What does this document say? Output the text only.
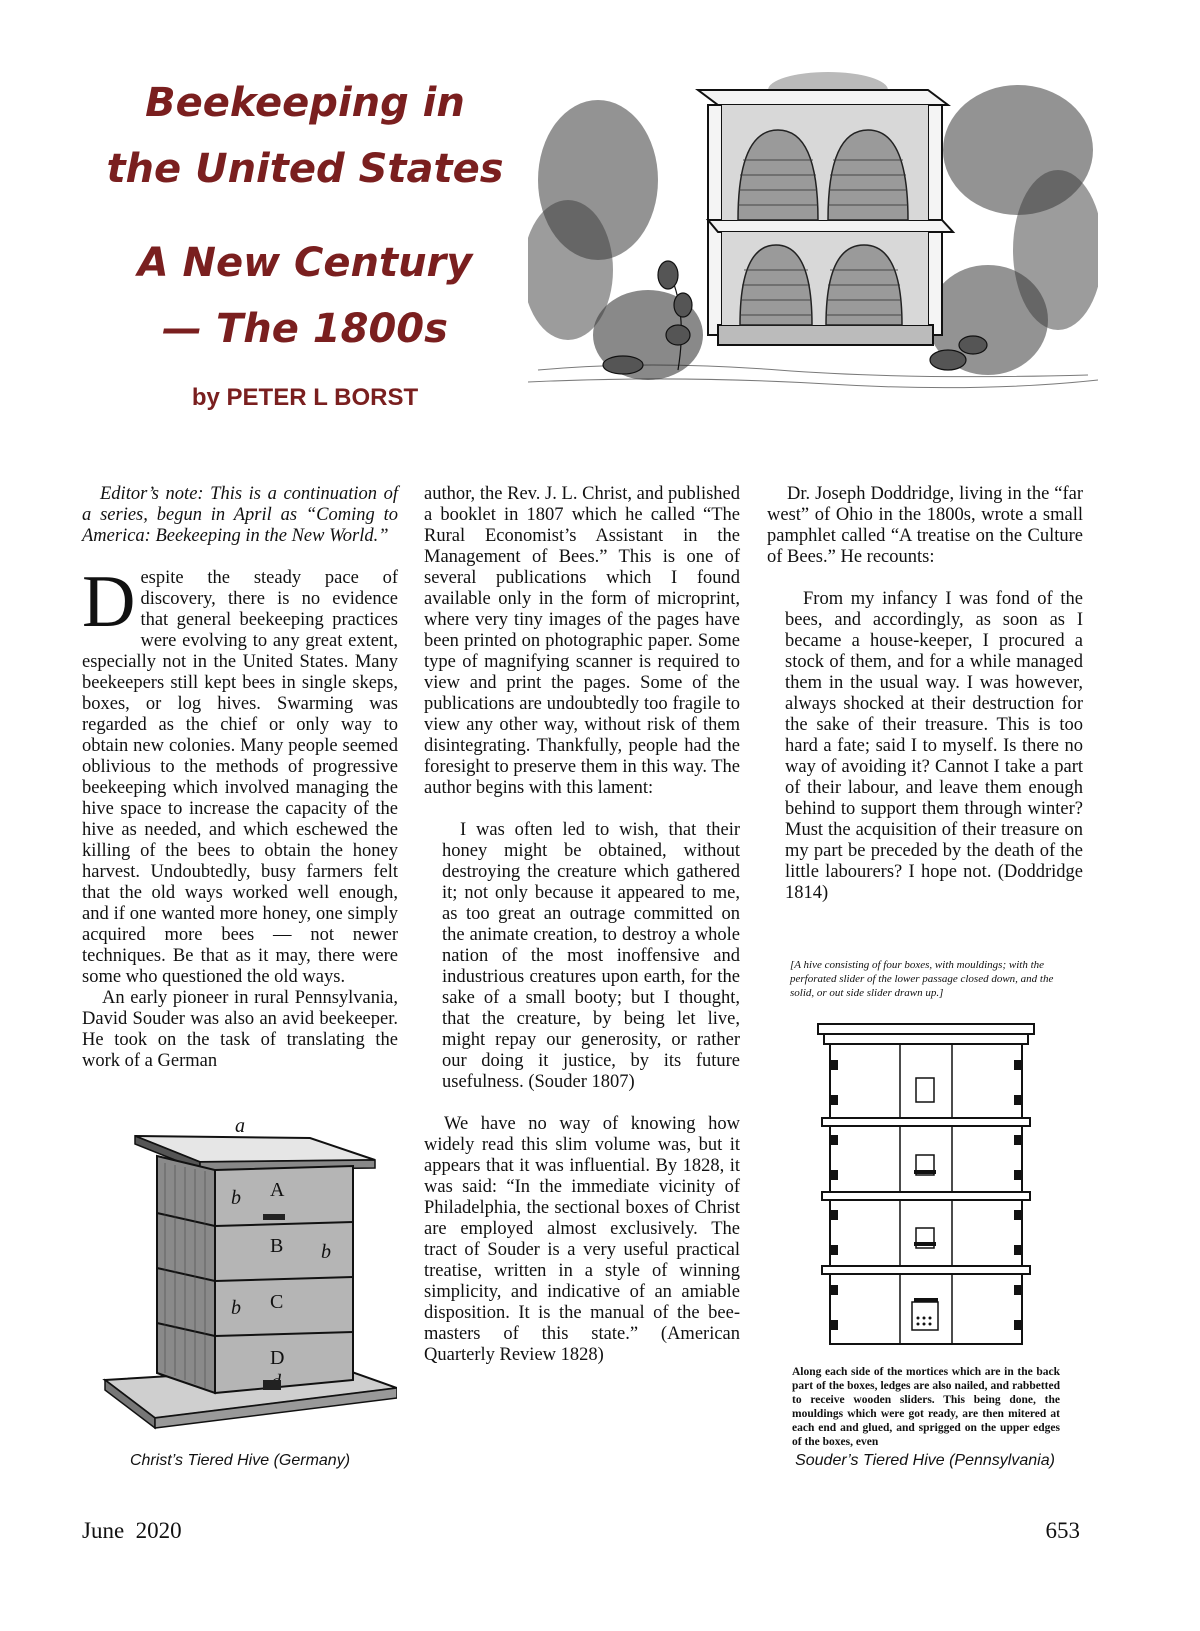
Beekeeping in
the United States
A New Century
— The 1800s
by PETER L BORST

Editor’s note: This is a continuation of a series, begun in April as “Coming to America: Beekeeping in the New World.”

Despite the steady pace of discovery, there is no evidence that general beekeeping practices were evolving to any great extent, especially not in the United States. Many beekeepers still kept bees in single skeps, boxes, or log hives. Swarming was regarded as the chief or only way to obtain new colonies. Many people seemed oblivious to the methods of progressive beekeeping which involved managing the hive space to increase the capacity of the hive as needed, and which eschewed the killing of the bees to obtain the honey harvest. Undoubtedly, busy farmers felt that the old ways worked well enough, and if one wanted more honey, one simply acquired more bees — not newer techniques. Be that as it may, there were some who questioned the old ways.

An early pioneer in rural Pennsylvania, David Souder was also an avid beekeeper. He took on the task of translating the work of a German

a
A
B
C
D
b
b
b
Christ’s Tiered Hive (Germany)

author, the Rev. J. L. Christ, and published a booklet in 1807 which he called “The Rural Economist’s Assistant in the Management of Bees.” This is one of several publications which I found available only in the form of microprint, where very tiny images of the pages have been printed on photographic paper. Some type of magnifying scanner is required to view and print the pages. Some of the publications are undoubtedly too fragile to view any other way, without risk of them disintegrating. Thankfully, people had the foresight to preserve them in this way. The author begins with this lament:

I was often led to wish, that their honey might be obtained, without destroying the creature which gathered it; not only because it appeared to me, as too great an outrage committed on the animate creation, to destroy a whole nation of the most inoffensive and industrious creatures upon earth, for the sake of a small booty; but I thought, that the creature, by being let live, might repay our generosity, or rather our doing it justice, by its future usefulness. (Souder 1807)

We have no way of knowing how widely read this slim volume was, but it appears that it was influential. By 1828, it was said: “In the immediate vicinity of Philadelphia, the sectional boxes of Christ are employed almost exclusively. The tract of Souder is a very useful practical treatise, written in a style of winning simplicity, and indicative of an amiable disposition. It is the manual of the bee-masters of this state.” (American Quarterly Review 1828)

Dr. Joseph Doddridge, living in the “far west” of Ohio in the 1800s, wrote a small pamphlet called “A treatise on the Culture of Bees.” He recounts:

From my infancy I was fond of the bees, and accordingly, as soon as I became a house-keeper, I procured a stock of them, and for a while managed them in the usual way. I was however, always shocked at their destruction for the sake of their treasure. This is too hard a fate; said I to myself. Is there no way of avoiding it? Cannot I take a part of their labour, and leave them enough behind to support them through winter? Must the acquisition of their treasure on my part be preceded by the death of the little labourers? I hope not. (Doddridge 1814)

[A hive consisting of four boxes, with mouldings; with the perforated slider of the lower passage closed down, and the solid, or out side slider drawn up.]
Along each side of the mortices which are in the back part of the boxes, ledges are also nailed, and rabbetted to receive wooden sliders. This being done, the mouldings which were got ready, are then mitered at each end and glued, and sprigged on the upper edges of the boxes, even
Souder’s Tiered Hive (Pennsylvania)
June  2020	653
